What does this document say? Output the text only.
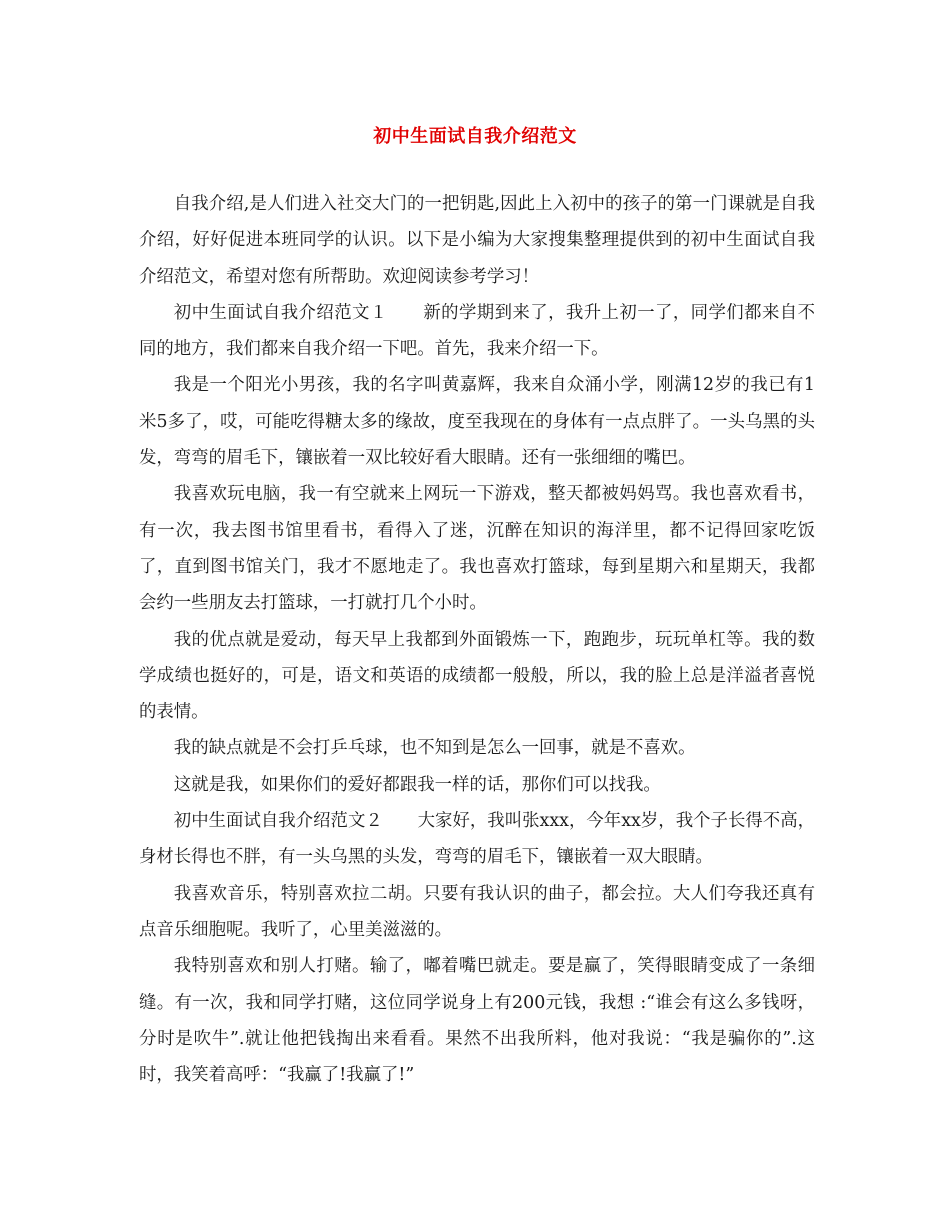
初中生面试自我介绍范文

自我介绍,是人们进入社交大门的一把钥匙,因此上入初中的孩子的第一门课就是自我介绍，好好促进本班同学的认识。以下是小编为大家搜集整理提供到的初中生面试自我介绍范文，希望对您有所帮助。欢迎阅读参考学习！

初中生面试自我介绍范文１　　新的学期到来了，我升上初一了，同学们都来自不同的地方，我们都来自我介绍一下吧。首先，我来介绍一下。

我是一个阳光小男孩，我的名字叫黄嘉辉，我来自众涌小学，刚满12岁的我已有1米5多了，哎，可能吃得糖太多的缘故，度至我现在的身体有一点点胖了。一头乌黑的头发，弯弯的眉毛下，镶嵌着一双比较好看大眼睛。还有一张细细的嘴巴。

我喜欢玩电脑，我一有空就来上网玩一下游戏，整天都被妈妈骂。我也喜欢看书，有一次，我去图书馆里看书，看得入了迷，沉醉在知识的海洋里，都不记得回家吃饭了，直到图书馆关门，我才不愿地走了。我也喜欢打篮球，每到星期六和星期天，我都会约一些朋友去打篮球，一打就打几个小时。

我的优点就是爱动，每天早上我都到外面锻炼一下，跑跑步，玩玩单杠等。我的数学成绩也挺好的，可是，语文和英语的成绩都一般般，所以，我的脸上总是洋溢者喜悦的表情。

我的缺点就是不会打乒乓球，也不知到是怎么一回事，就是不喜欢。

这就是我，如果你们的爱好都跟我一样的话，那你们可以找我。

初中生面试自我介绍范文２　　大家好，我叫张xxx，今年xx岁，我个子长得不高，身材长得也不胖，有一头乌黑的头发，弯弯的眉毛下，镶嵌着一双大眼睛。

我喜欢音乐，特别喜欢拉二胡。只要有我认识的曲子，都会拉。大人们夸我还真有点音乐细胞呢。我听了，心里美滋滋的。

我特别喜欢和别人打赌。输了，嘟着嘴巴就走。要是赢了，笑得眼睛变成了一条细缝。有一次，我和同学打赌，这位同学说身上有200元钱，我想 :“谁会有这么多钱呀，分时是吹牛”.就让他把钱掏出来看看。果然不出我所料，他对我说：“我是骗你的”.这时，我笑着高呼：“我赢了!我赢了!”
